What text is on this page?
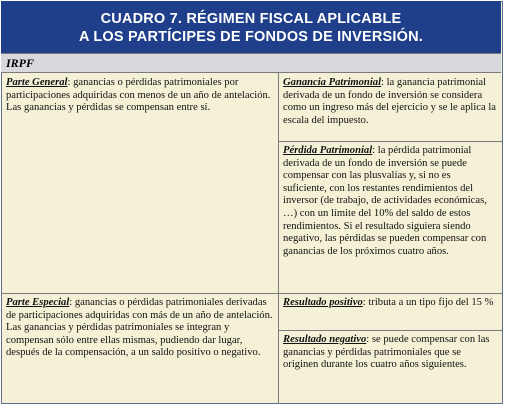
CUADRO 7. RÉGIMEN FISCAL APLICABLE
A LOS PARTÍCIPES DE FONDOS DE INVERSIÓN.
IRPF
Parte General: ganancias o pérdidas patrimoniales por participaciones adquiridas con menos de un año de antelación. Las ganancias y pérdidas se compensan entre sí.
Ganancia Patrimonial: la ganancia patrimonial derivada de un fondo de inversión se considera como un ingreso más del ejercicio y se le aplica la escala del impuesto.
Pérdida Patrimonial: la pérdida patrimonial derivada de un fondo de inversión se puede compensar con las plusvalías y, si no es suficiente, con los restantes rendimientos del inversor (de trabajo, de actividades económicas, …) con un límite del 10% del saldo de estos rendimientos. Si el resultado siguiera siendo negativo, las pérdidas se pueden compensar con ganancias de los próximos cuatro años.
Parte Especial: ganancias o pérdidas patrimoniales derivadas de participaciones adquiridas con más de un año de antelación. Las ganancias y pérdidas patrimoniales se integran y compensan sólo entre ellas mismas, pudiendo dar lugar, después de la compensación, a un saldo positivo o negativo.
Resultado positivo: tributa a un tipo fijo del 15 %
Resultado negativo: se puede compensar con las ganancias y pérdidas patrimoniales que se originen durante los cuatro años siguientes.
